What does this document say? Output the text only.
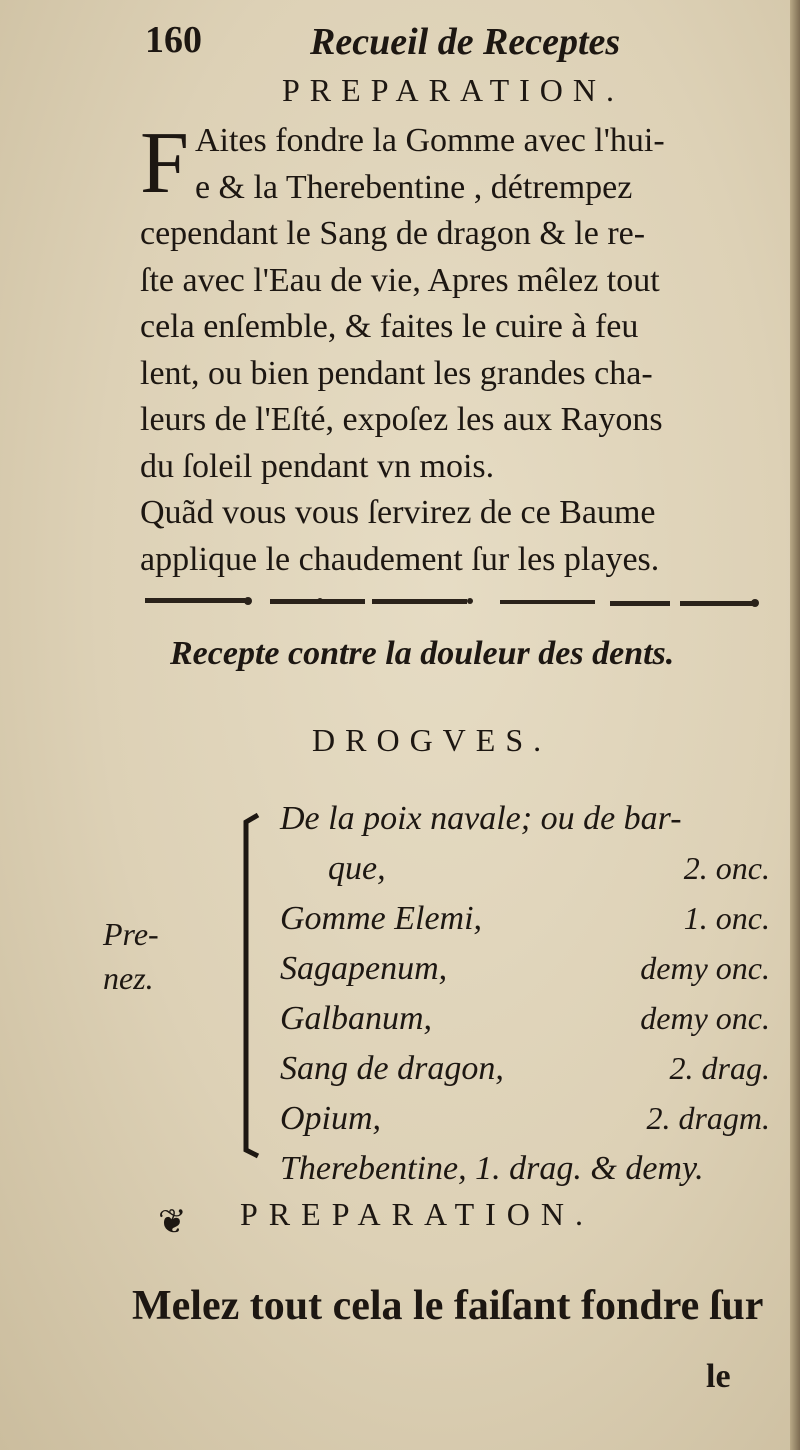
160	Recueil de Receptes
PREPARATION.
F Aites fondre la Gomme avec l'hui-
e & la Therebentine , détrempez
cependant le Sang de dragon & le re-
ſte avec l'Eau de vie, Apres mêlez tout
cela enſemble, & faites le cuire à feu
lent, ou bien pendant les grandes cha-
leurs de l'Eſté, expoſez les aux Rayons
du ſoleil pendant vn mois.
Quãd vous vous ſervirez de ce Baume
applique le chaudement ſur les playes.
Recepte contre la douleur des dents.
DROGVES.
Pre-
nez.
De la poix navale; ou de bar-
que,	2. onc.
Gomme Elemi,	1. onc.
Sagapenum,	demy onc.
Galbanum,	demy onc.
Sang de dragon,	2. drag.
Opium,	2. dragm.
Therebentine, 1. drag. & demy.
❦ PREPARATION.
Melez tout cela le faiſant fondre ſur
le
